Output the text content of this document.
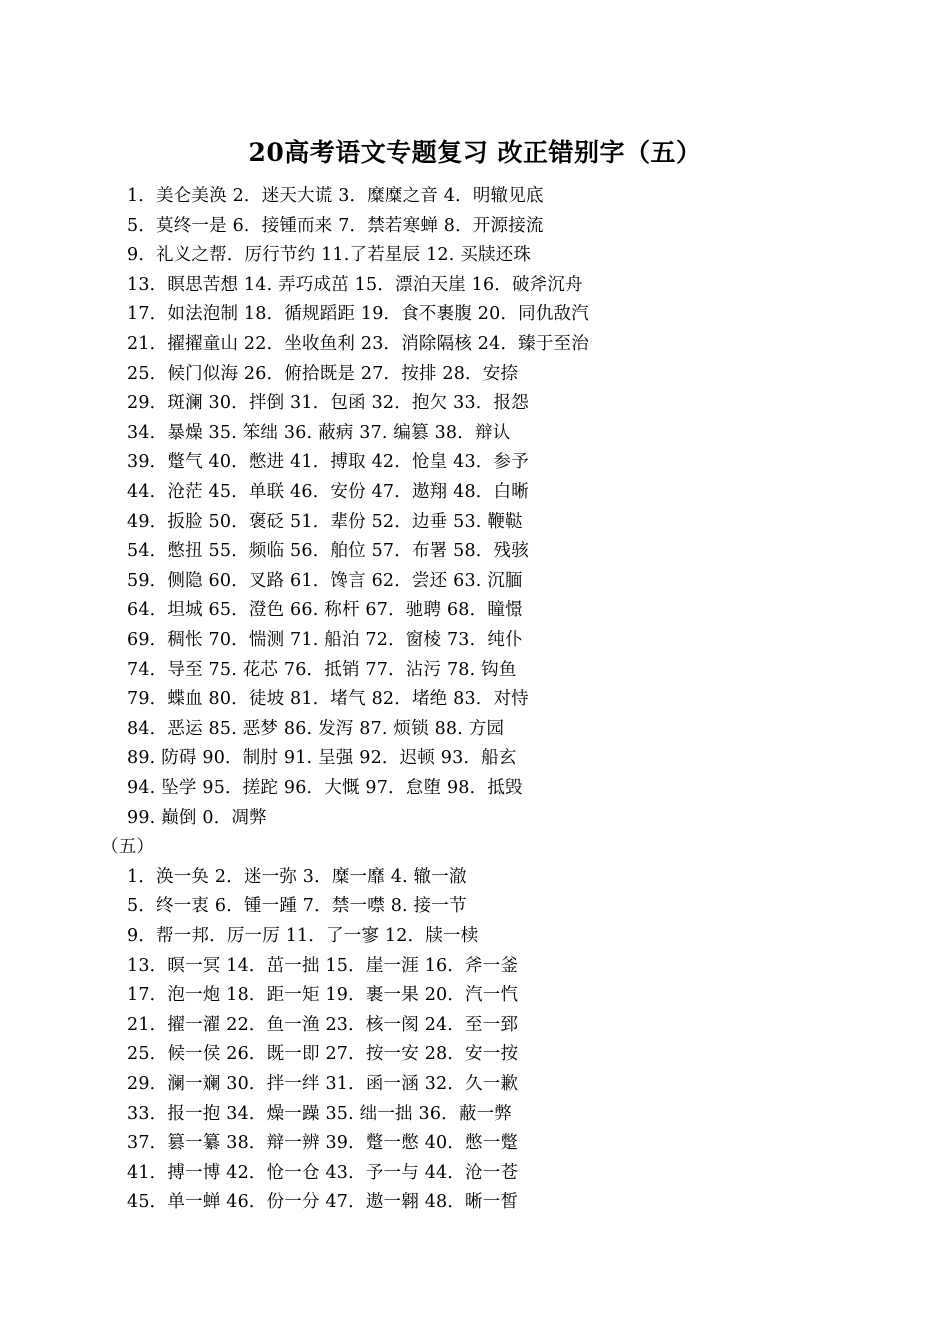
20高考语文专题复习 改正错别字（五）
1．美仑美涣 2．迷天大谎 3．糜糜之音 4．明辙见底
5．莫终一是 6．接锺而来 7．禁若寒蝉 8．开源接流
9．礼义之帮．厉行节约 11.了若星辰 12. 买牍还珠
13．瞑思苦想 14. 弄巧成茁 15．漂泊天崖 16．破斧沉舟
17．如法泡制 18．循规蹈距 19．食不裹腹 20．同仇敌汽
21．擢擢童山 22．坐收鱼利 23．消除隔核 24．臻于至治
25．候门似海 26．俯拾既是 27．按排 28．安捺
29．斑澜 30．拌倒 31．包函 32．抱欠 33．报怨
34．暴燥 35. 笨绌 36. 蔽病 37. 编篡 38．辩认
39．蹩气 40．憋进 41．搏取 42．怆皇 43．参予
44．沧茫 45．单联 46．安份 47．遨翔 48．白晰
49．扳脸 50．褒砭 51．辈份 52．边垂 53. 鞭鞑
54．憋扭 55．频临 56．舶位 57．布署 58．残骇
59．侧隐 60．叉路 61．馋言 62．尝还 63. 沉腼
64．坦城 65．澄色 66. 称杆 67．驰聘 68．瞳憬
69．稠怅 70．惴测 71. 船泊 72．窗棱 73．纯仆
74．导至 75. 花芯 76．抵销 77．沾污 78. 钩鱼
79．蝶血 80．徒坡 81．堵气 82．堵绝 83．对恃
84．恶运 85. 恶梦 86. 发泻 87. 烦锁 88. 方园
89. 防碍 90．制肘 91. 呈强 92．迟顿 93．船玄
94. 坠学 95．搓跎 96．大慨 97．怠堕 98．抵毁
99. 巅倒 0．凋弊
（五）
1．涣一奂 2．迷一弥 3．糜一靡 4. 辙一澈
5．终一衷 6．锺一踵 7．禁一噤 8. 接一节
9．帮一邦．厉一厉 11．了一寥 12．牍一椟
13．暝一冥 14．茁一拙 15．崖一涯 16．斧一釜
17．泡一炮 18．距一矩 19．裹一果 20．汽一忾
21．擢一濯 22．鱼一渔 23．核一阂 24．至一郅
25．候一侯 26．既一即 27．按一安 28．安一按
29．澜一斓 30．拌一绊 31．函一涵 32．久一歉
33．报一抱 34．燥一躁 35. 绌一拙 36．蔽一弊
37．篡一纂 38．辩一辨 39．蹩一憋 40．憋一蹩
41．搏一博 42．怆一仓 43．予一与 44．沧一苍
45．单一蝉 46．份一分 47．遨一翱 48．晰一皙
